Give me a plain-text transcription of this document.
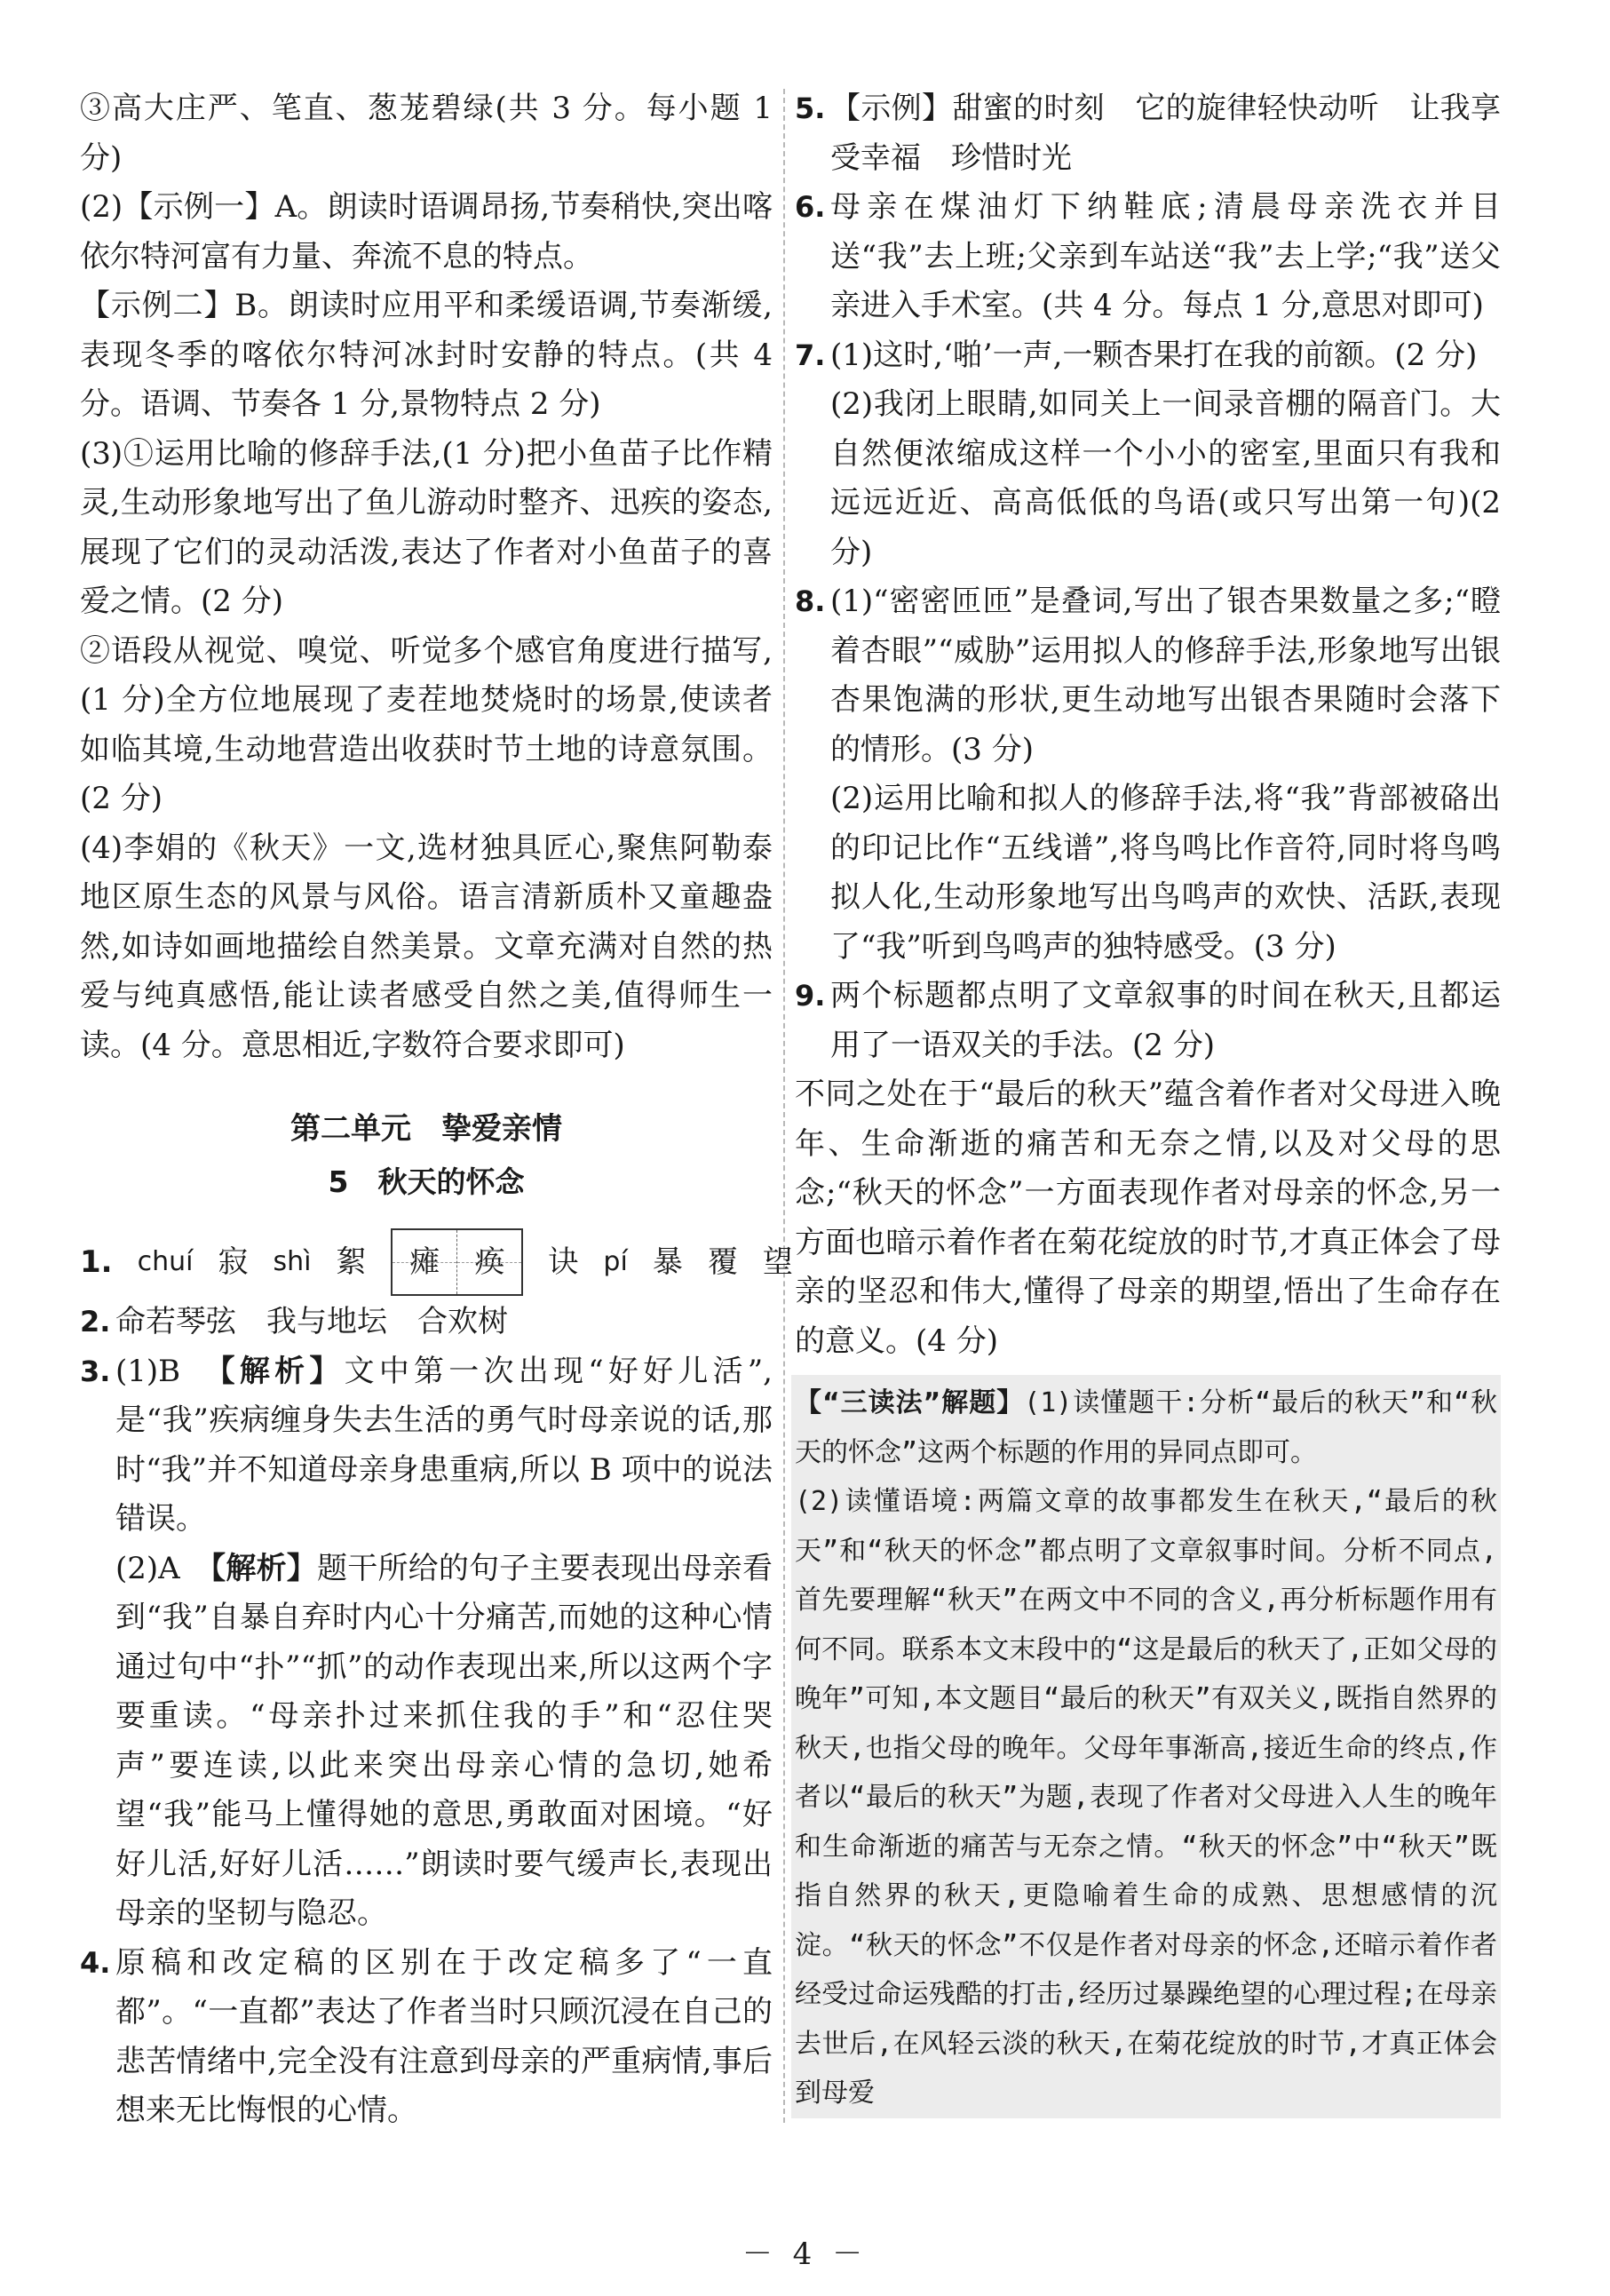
③高大庄严、笔直、葱茏碧绿(共 3 分。每小题 1 分)

(2)【示例一】A。朗读时语调昂扬,节奏稍快,突出喀依尔特河富有力量、奔流不息的特点。

【示例二】B。朗读时应用平和柔缓语调,节奏渐缓,表现冬季的喀依尔特河冰封时安静的特点。(共 4 分。语调、节奏各 1 分,景物特点 2 分)

(3)①运用比喻的修辞手法,(1 分)把小鱼苗子比作精灵,生动形象地写出了鱼儿游动时整齐、迅疾的姿态,展现了它们的灵动活泼,表达了作者对小鱼苗子的喜爱之情。(2 分)

②语段从视觉、嗅觉、听觉多个感官角度进行描写,(1 分)全方位地展现了麦茬地焚烧时的场景,使读者如临其境,生动地营造出收获时节土地的诗意氛围。(2 分)

(4)李娟的《秋天》一文,选材独具匠心,聚焦阿勒泰地区原生态的风景与风俗。语言清新质朴又童趣盎然,如诗如画地描绘自然美景。文章充满对自然的热爱与纯真感悟,能让读者感受自然之美,值得师生一读。(4 分。意思相近,字数符合要求即可)

第二单元　挚爱亲情
5　秋天的怀念
1. chuí 寂 shì 絮	瘫	痪	诀 pí 暴 覆 望

2. 命若琴弦　我与地坛　合欢树

3. (1)B　【解析】文中第一次出现“好好儿活”,是“我”疾病缠身失去生活的勇气时母亲说的话,那时“我”并不知道母亲身患重病,所以 B 项中的说法错误。

(2)A　【解析】题干所给的句子主要表现出母亲看到“我”自暴自弃时内心十分痛苦,而她的这种心情通过句中“扑”“抓”的动作表现出来,所以这两个字要重读。“母亲扑过来抓住我的手”和“忍住哭声”要连读,以此来突出母亲心情的急切,她希望“我”能马上懂得她的意思,勇敢面对困境。“好好儿活,好好儿活……”朗读时要气缓声长,表现出母亲的坚韧与隐忍。

4. 原稿和改定稿的区别在于改定稿多了“一直都”。“一直都”表达了作者当时只顾沉浸在自己的悲苦情绪中,完全没有注意到母亲的严重病情,事后想来无比悔恨的心情。

5. 【示例】甜蜜的时刻　它的旋律轻快动听　让我享受幸福　珍惜时光

6. 母亲在煤油灯下纳鞋底;清晨母亲洗衣并目送“我”去上班;父亲到车站送“我”去上学;“我”送父亲进入手术室。(共 4 分。每点 1 分,意思对即可)

7. (1)这时,‘啪’一声,一颗杏果打在我的前额。(2 分)

(2)我闭上眼睛,如同关上一间录音棚的隔音门。大自然便浓缩成这样一个小小的密室,里面只有我和远远近近、高高低低的鸟语(或只写出第一句)(2 分)

8. (1)“密密匝匝”是叠词,写出了银杏果数量之多;“瞪着杏眼”“威胁”运用拟人的修辞手法,形象地写出银杏果饱满的形状,更生动地写出银杏果随时会落下的情形。(3 分)

(2)运用比喻和拟人的修辞手法,将“我”背部被硌出的印记比作“五线谱”,将鸟鸣比作音符,同时将鸟鸣拟人化,生动形象地写出鸟鸣声的欢快、活跃,表现了“我”听到鸟鸣声的独特感受。(3 分)

9. 两个标题都点明了文章叙事的时间在秋天,且都运用了一语双关的手法。(2 分)

不同之处在于“最后的秋天”蕴含着作者对父母进入晚年、生命渐逝的痛苦和无奈之情,以及对父母的思念;“秋天的怀念”一方面表现作者对母亲的怀念,另一方面也暗示着作者在菊花绽放的时节,才真正体会了母亲的坚忍和伟大,懂得了母亲的期望,悟出了生命存在的意义。(4 分)

【“三读法”解题】(1)读懂题干:分析“最后的秋天”和“秋天的怀念”这两个标题的作用的异同点即可。

(2)读懂语境:两篇文章的故事都发生在秋天,“最后的秋天”和“秋天的怀念”都点明了文章叙事时间。分析不同点,首先要理解“秋天”在两文中不同的含义,再分析标题作用有何不同。联系本文末段中的“这是最后的秋天了,正如父母的晚年”可知,本文题目“最后的秋天”有双关义,既指自然界的秋天,也指父母的晚年。父母年事渐高,接近生命的终点,作者以“最后的秋天”为题,表现了作者对父母进入人生的晚年和生命渐逝的痛苦与无奈之情。“秋天的怀念”中“秋天”既指自然界的秋天,更隐喻着生命的成熟、思想感情的沉淀。“秋天的怀念”不仅是作者对母亲的怀念,还暗示着作者经受过命运残酷的打击,经历过暴躁绝望的心理过程;在母亲去世后,在风轻云淡的秋天,在菊花绽放的时节,才真正体会到母爱

－ 4 －
